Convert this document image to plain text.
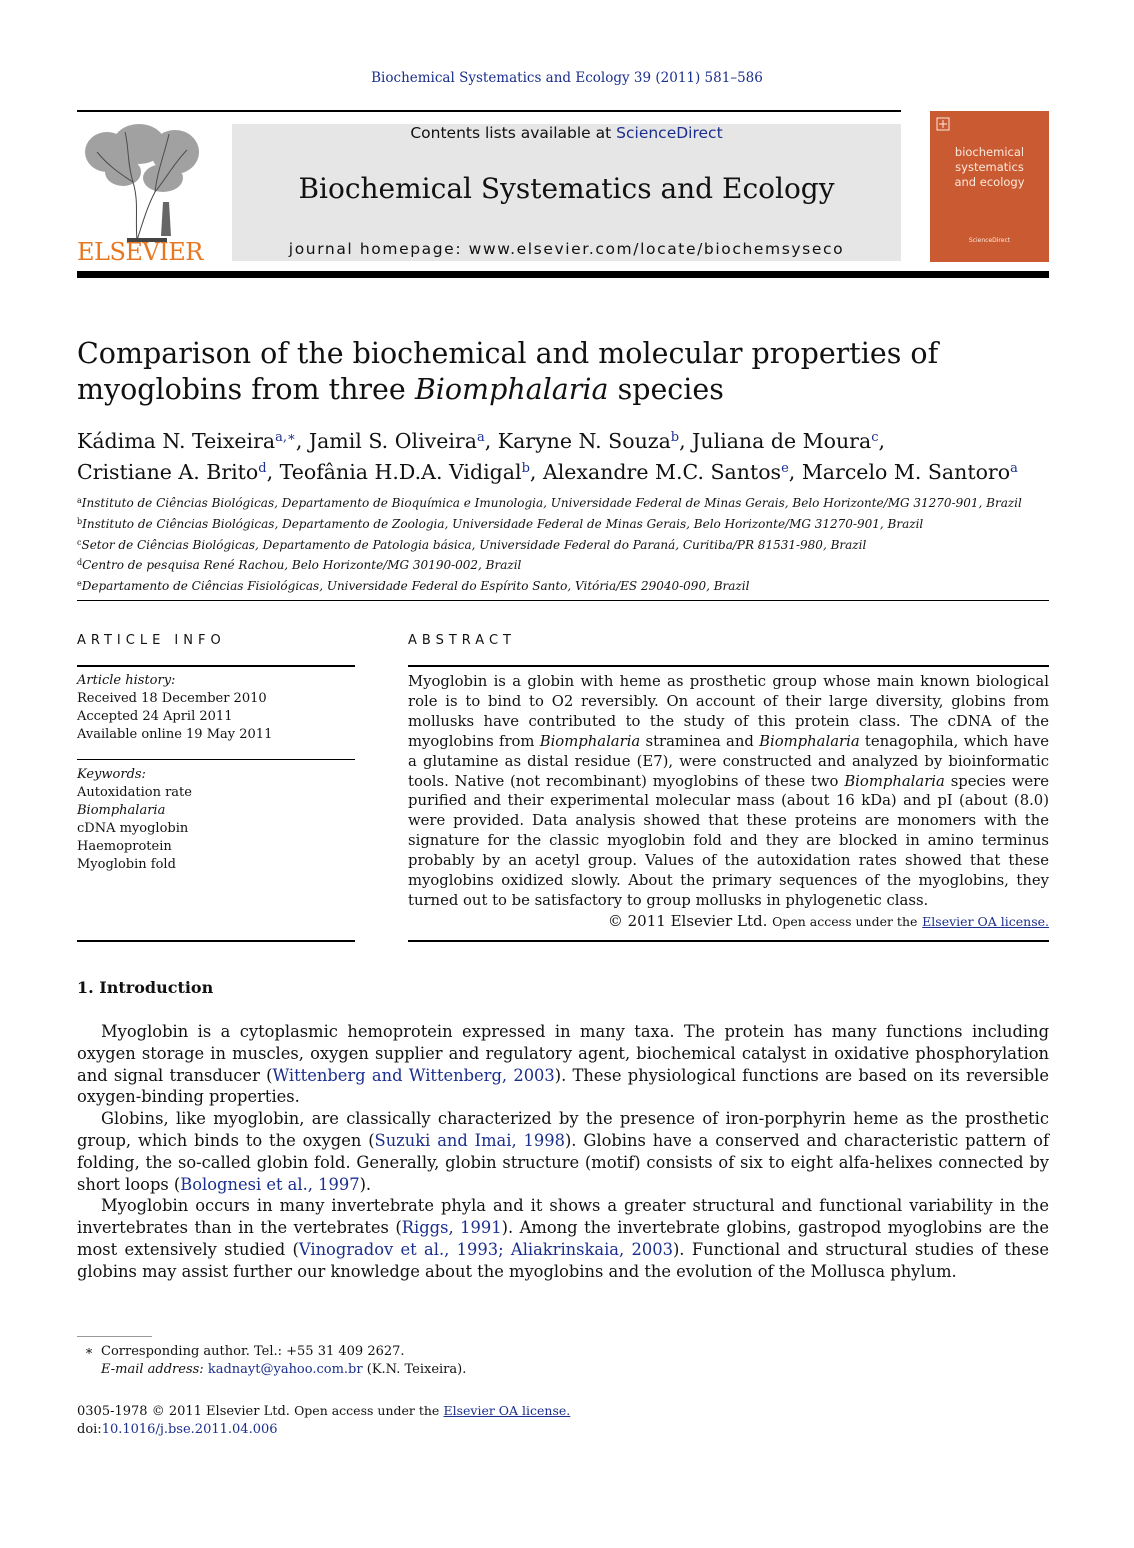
Biochemical Systematics and Ecology 39 (2011) 581–586
ELSEVIER
Contents lists available at ScienceDirect
Biochemical Systematics and Ecology
journal homepage: www.elsevier.com/locate/biochemsyseco
biochemical
systematics
and ecology
ScienceDirect
Comparison of the biochemical and molecular properties of myoglobins from three Biomphalaria species
Kádima N. Teixeira$^{a,∗}$, Jamil S. Oliveira$^a$, Karyne N. Souza$^b$, Juliana de Moura$^c$,
Cristiane A. Brito$^d$, Teofânia H.D.A. Vidigal$^b$, Alexandre M.C. Santos$^e$, Marcelo M. Santoro$^a$
$^a$Instituto de Ciências Biológicas, Departamento de Bioquímica e Imunologia, Universidade Federal de Minas Gerais, Belo Horizonte/MG 31270-901, Brazil
$^b$Instituto de Ciências Biológicas, Departamento de Zoologia, Universidade Federal de Minas Gerais, Belo Horizonte/MG 31270-901, Brazil
$^c$Setor de Ciências Biológicas, Departamento de Patologia básica, Universidade Federal do Paraná, Curitiba/PR 81531-980, Brazil
$^d$Centro de pesquisa René Rachou, Belo Horizonte/MG 30190-002, Brazil
$^e$Departamento de Ciências Fisiológicas, Universidade Federal do Espírito Santo, Vitória/ES 29040-090, Brazil
ARTICLE INFO
Article history:
Received 18 December 2010
Accepted 24 April 2011
Available online 19 May 2011
Keywords:
Autoxidation rate
Biomphalaria
cDNA myoglobin
Haemoprotein
Myoglobin fold
ABSTRACT
Myoglobin is a globin with heme as prosthetic group whose main known biological role is to bind to O2 reversibly. On account of their large diversity, globins from mollusks have contributed to the study of this protein class. The cDNA of the myoglobins from Biomphalaria straminea and Biomphalaria tenagophila, which have a glutamine as distal residue (E7), were constructed and analyzed by bioinformatic tools. Native (not recombinant) myoglobins of these two Biomphalaria species were purified and their experimental molecular mass (about 16 kDa) and pI (about (8.0) were provided. Data analysis showed that these proteins are monomers with the signature for the classic myoglobin fold and they are blocked in amino terminus probably by an acetyl group. Values of the autoxidation rates showed that these myoglobins oxidized slowly. About the primary sequences of the myoglobins, they turned out to be satisfactory to group mollusks in phylogenetic class.
© 2011 Elsevier Ltd. Open access under the Elsevier OA license.
1. Introduction

Myoglobin is a cytoplasmic hemoprotein expressed in many taxa. The protein has many functions including oxygen storage in muscles, oxygen supplier and regulatory agent, biochemical catalyst in oxidative phosphorylation and signal transducer (Wittenberg and Wittenberg, 2003). These physiological functions are based on its reversible oxygen-binding properties.

Globins, like myoglobin, are classically characterized by the presence of iron-porphyrin heme as the prosthetic group, which binds to the oxygen (Suzuki and Imai, 1998). Globins have a conserved and characteristic pattern of folding, the so-called globin fold. Generally, globin structure (motif) consists of six to eight alfa-helixes connected by short loops (Bolognesi et al., 1997).

Myoglobin occurs in many invertebrate phyla and it shows a greater structural and functional variability in the invertebrates than in the vertebrates (Riggs, 1991). Among the invertebrate globins, gastropod myoglobins are the most extensively studied (Vinogradov et al., 1993; Aliakrinskaia, 2003). Functional and structural studies of these globins may assist further our knowledge about the myoglobins and the evolution of the Mollusca phylum.

∗ Corresponding author. Tel.: +55 31 409 2627.
E-mail address: kadnayt@yahoo.com.br (K.N. Teixeira).
0305-1978 © 2011 Elsevier Ltd. Open access under the Elsevier OA license.
doi:10.1016/j.bse.2011.04.006
